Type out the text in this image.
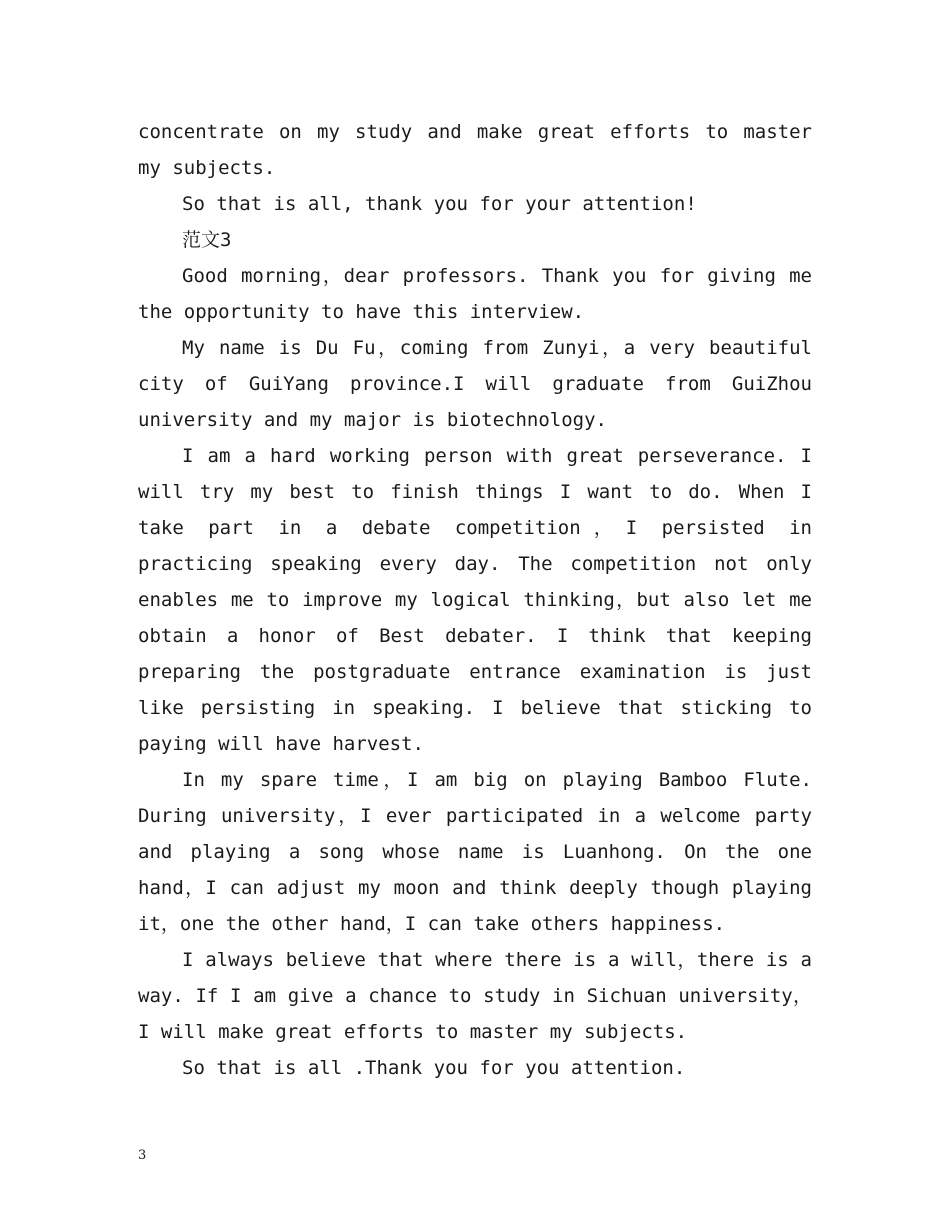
concentrate on my study and make great efforts to master my subjects.

So that is all, thank you for your attention!

范文3

Good morning，dear professors. Thank you for giving me the opportunity to have this interview.

My name is Du Fu，coming from Zunyi，a very beautiful city of GuiYang province.I will graduate from GuiZhou university and my major is biotechnology.

I am a hard working person with great perseverance. I will try my best to finish things I want to do. When I take part in a debate competition，I persisted in practicing speaking every day. The competition not only enables me to improve my logical thinking，but also let me obtain a honor of Best debater. I think that keeping preparing the postgraduate entrance examination is just like persisting in speaking. I believe that sticking to paying will have harvest.

In my spare time，I am big on playing Bamboo Flute. During university，I ever participated in a welcome party and playing a song whose name is Luanhong. On the one hand，I can adjust my moon and think deeply though playing it，one the other hand，I can take others happiness.

I always believe that where there is a will，there is a way. If I am give a chance to study in Sichuan university，I will make great efforts to master my subjects.

So that is all .Thank you for you attention.

3
